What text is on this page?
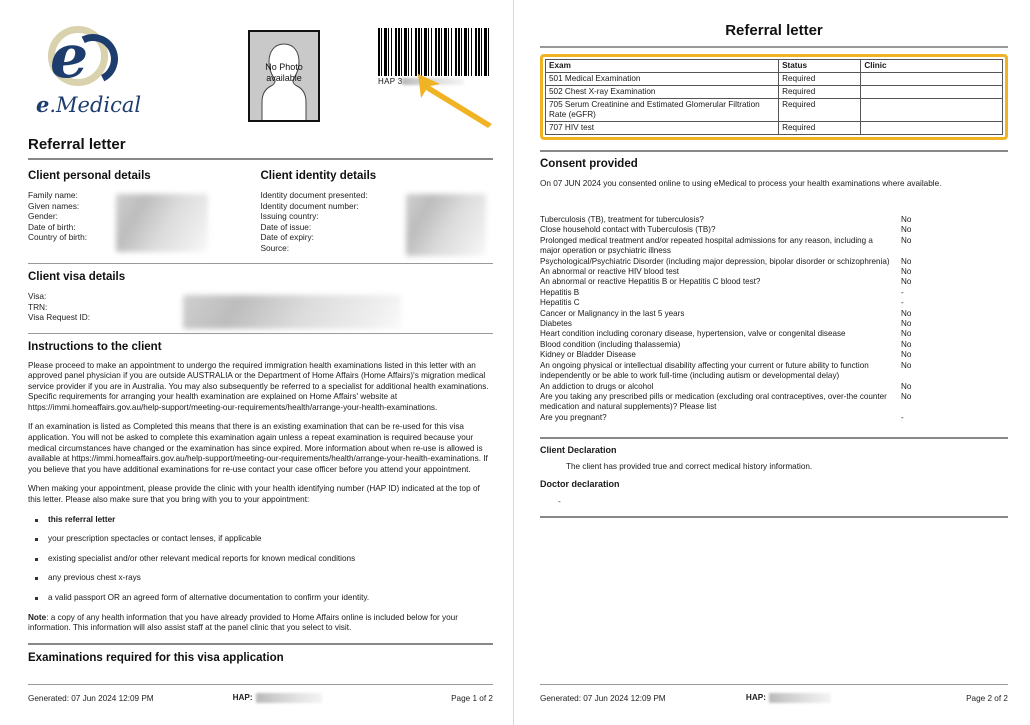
e
e.Medical
No Photo
available	HAP 3
Referral letter
Client personal details
Family name:
Given names:
Gender:
Date of birth:
Country of birth:
Client identity details
Identity document presented:
Identity document number:
Issuing country:
Date of issue:
Date of expiry:
Source:
Client visa details
Visa:
TRN:
Visa Request ID:
Instructions to the client

Please proceed to make an appointment to undergo the required immigration health examinations listed in this letter with an approved panel physician if you are outside AUSTRALIA or the Department of Home Affairs (Home Affairs)'s migration medical service provider if you are in Australia. You may also subsequently be referred to a specialist for additional health examinations. Specific requirements for arranging your health examination are explained on Home Affairs' website at https://immi.homeaffairs.gov.au/help-support/meeting-our-requirements/health/arrange-your-health-examinations.

If an examination is listed as Completed this means that there is an existing examination that can be re-used for this visa application. You will not be asked to complete this examination again unless a repeat examination is required because your medical circumstances have changed or the examination has since expired. More information about when re-use is allowed is available at https://immi.homeaffairs.gov.au/help-support/meeting-our-requirements/health/arrange-your-health-examinations. If you believe that you have additional examinations for re-use contact your case officer before you attend your appointment.

When making your appointment, please provide the clinic with your health identifying number (HAP ID) indicated at the top of this letter. Please also make sure that you bring with you to your appointment:

this referral letter
your prescription spectacles or contact lenses, if applicable
existing specialist and/or other relevant medical reports for known medical conditions
any previous chest x-rays
a valid passport OR an agreed form of alternative documentation to confirm your identity.

Note: a copy of any health information that you have already provided to Home Affairs online is included below for your information. This information will also assist staff at the panel clinic that you select to visit.

Examinations required for this visa application
Generated: 07 Jun 2024 12:09 PM	HAP:	Page 1 of 2
Referral letter
Exam	Status	Clinic
501 Medical Examination	Required	
502 Chest X-ray Examination	Required	
705 Serum Creatinine and Estimated Glomerular Filtration Rate (eGFR)	Required	
707 HIV test	Required	
Consent provided
On 07 JUN 2024 you consented online to using eMedical to process your health examinations where available.
Tuberculosis (TB), treatment for tuberculosis?	No
Close household contact with Tuberculosis (TB)?	No
Prolonged medical treatment and/or repeated hospital admissions for any reason, including a major operation or psychiatric illness
No
Psychological/Psychiatric Disorder (including major depression, bipolar disorder or schizophrenia)	No
An abnormal or reactive HIV blood test	No
An abnormal or reactive Hepatitis B or Hepatitis C blood test?	No
Hepatitis B	-
Hepatitis C	-
Cancer or Malignancy in the last 5 years	No
Diabetes	No
Heart condition including coronary disease, hypertension, valve or congenital disease	No
Blood condition (including thalassemia)	No
Kidney or Bladder Disease	No
An ongoing physical or intellectual disability affecting your current or future ability to function independently or be able to work full-time (including autism or developmental delay)
No
An addiction to drugs or alcohol	No
Are you taking any prescribed pills or medication (excluding oral contraceptives, over-the counter medication and natural supplements)? Please list
No
Are you pregnant?	-
Client Declaration
The client has provided true and correct medical history information.
Doctor declaration
-
Generated: 07 Jun 2024 12:09 PM	HAP:	Page 2 of 2
